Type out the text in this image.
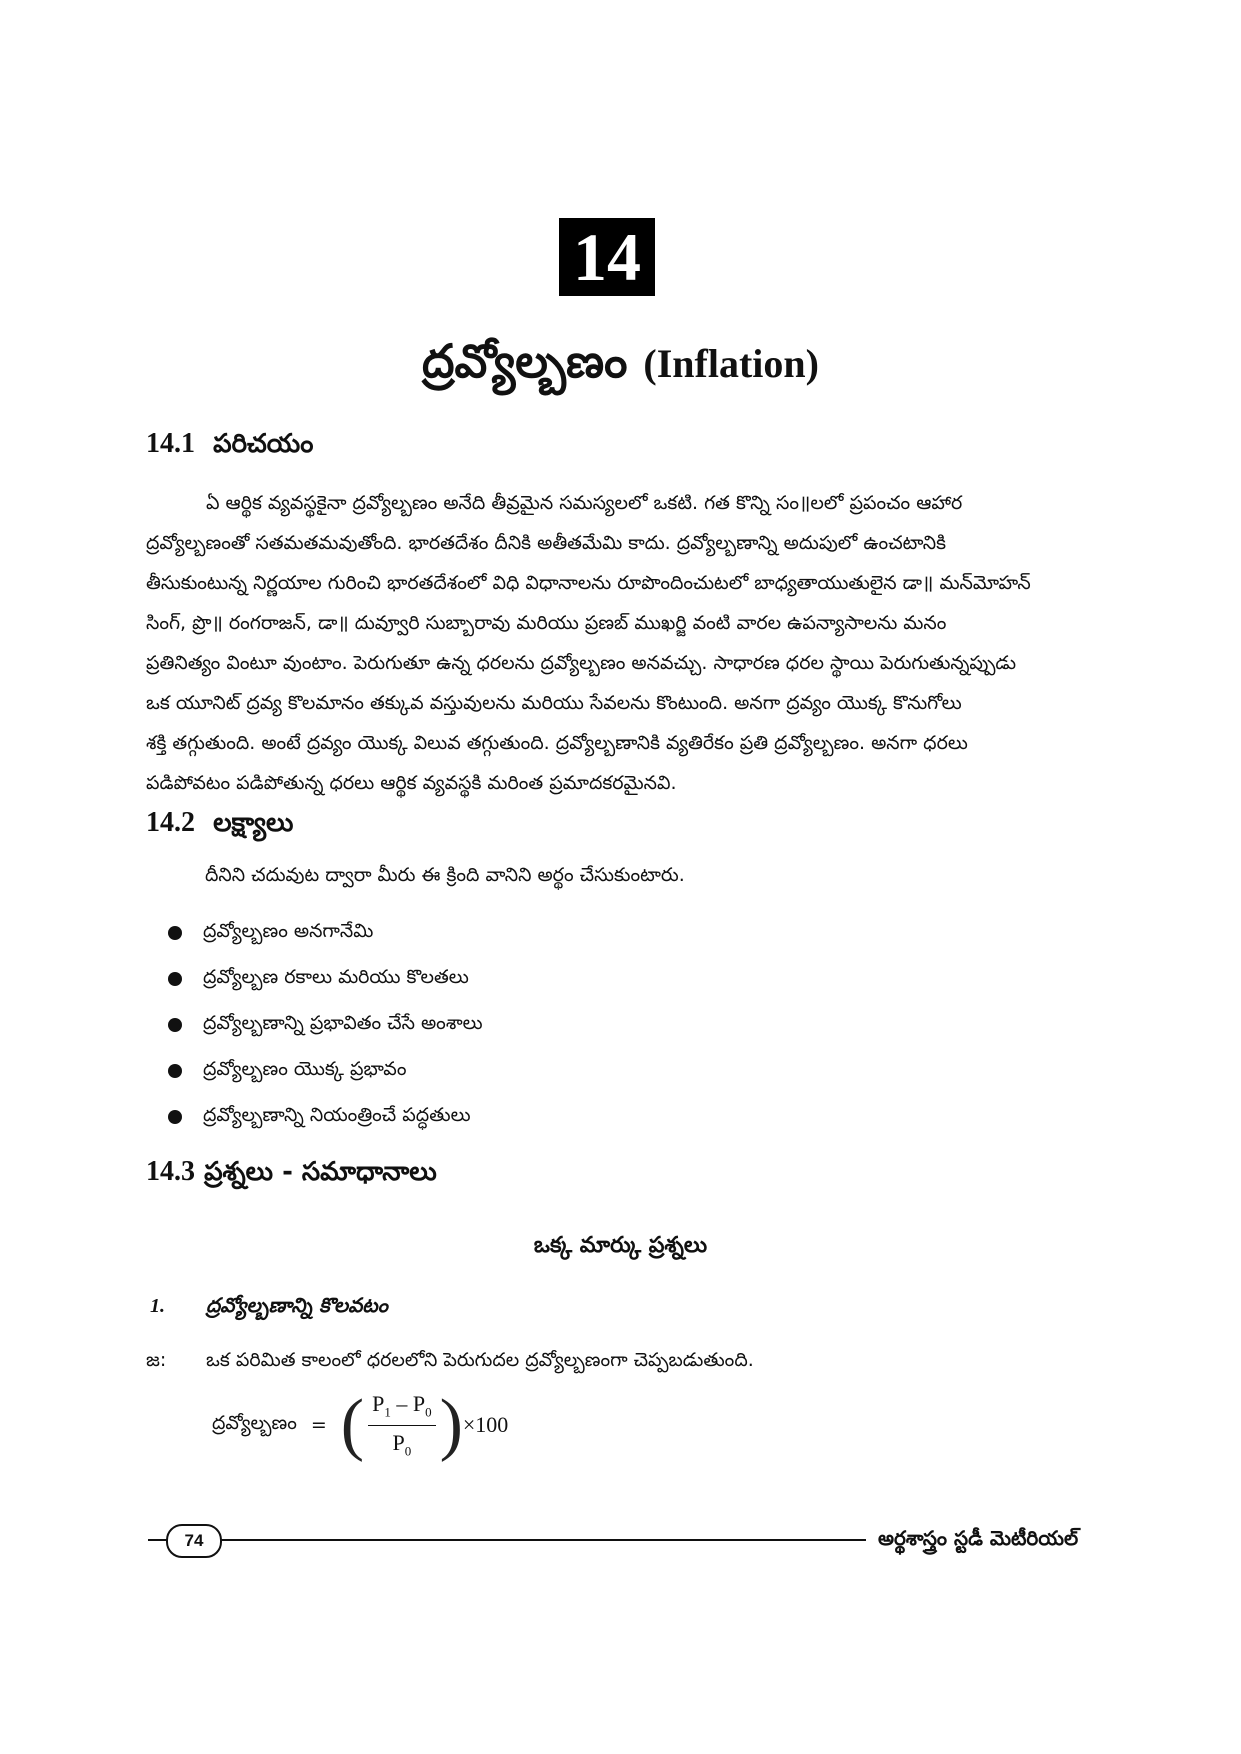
14
ద్రవ్యోల్బణం (Inflation)
14.1 పరిచయం
ఏ ఆర్థిక వ్యవస్థకైనా ద్రవ్యోల్బణం అనేది తీవ్రమైన సమస్యలలో ఒకటి. గత కొన్ని సం॥లలో ప్రపంచం ఆహార
ద్రవ్యోల్బణంతో సతమతమవుతోంది. భారతదేశం దీనికి అతీతమేమి కాదు. ద్రవ్యోల్బణాన్ని అదుపులో ఉంచటానికి
తీసుకుంటున్న నిర్ణయాల గురించి భారతదేశంలో విధి విధానాలను రూపొందించుటలో బాధ్యతాయుతులైన డా॥ మన్‌మోహన్
సింగ్, ప్రొ॥ రంగరాజన్, డా॥ దువ్వూరి సుబ్బారావు మరియు ప్రణబ్ ముఖర్జి వంటి వారల ఉపన్యాసాలను మనం
ప్రతినిత్యం వింటూ వుంటాం. పెరుగుతూ ఉన్న ధరలను ద్రవ్యోల్బణం అనవచ్చు. సాధారణ ధరల స్థాయి పెరుగుతున్నప్పుడు
ఒక యూనిట్ ద్రవ్య కొలమానం తక్కువ వస్తువులను మరియు సేవలను కొంటుంది. అనగా ద్రవ్యం యొక్క కొనుగోలు
శక్తి తగ్గుతుంది. అంటే ద్రవ్యం యొక్క విలువ తగ్గుతుంది. ద్రవ్యోల్బణానికి వ్యతిరేకం ప్రతి ద్రవ్యోల్బణం. అనగా ధరలు
పడిపోవటం పడిపోతున్న ధరలు ఆర్థిక వ్యవస్థకి మరింత ప్రమాదకరమైనవి.
14.2 లక్ష్యాలు
దీనిని చదువుట ద్వారా మీరు ఈ క్రింది వానిని అర్థం చేసుకుంటారు.
ద్రవ్యోల్బణం అనగానేమి
ద్రవ్యోల్బణ రకాలు మరియు కొలతలు
ద్రవ్యోల్బణాన్ని ప్రభావితం చేసే అంశాలు
ద్రవ్యోల్బణం యొక్క ప్రభావం
ద్రవ్యోల్బణాన్ని నియంత్రించే పద్ధతులు
14.3 ప్రశ్నలు - సమాధానాలు
ఒక్క మార్కు ప్రశ్నలు
1. ద్రవ్యోల్బణాన్ని కొలవటం
జ: ఒక పరిమిత కాలంలో ధరలలోని పెరుగుదల ద్రవ్యోల్బణంగా చెప్పబడుతుంది.
ద్రవ్యోల్బణం = ( $\frac{P_1 - P_0}{P_0}$ ) ×100
74	అర్థశాస్త్రం స్టడీ మెటీరియల్
